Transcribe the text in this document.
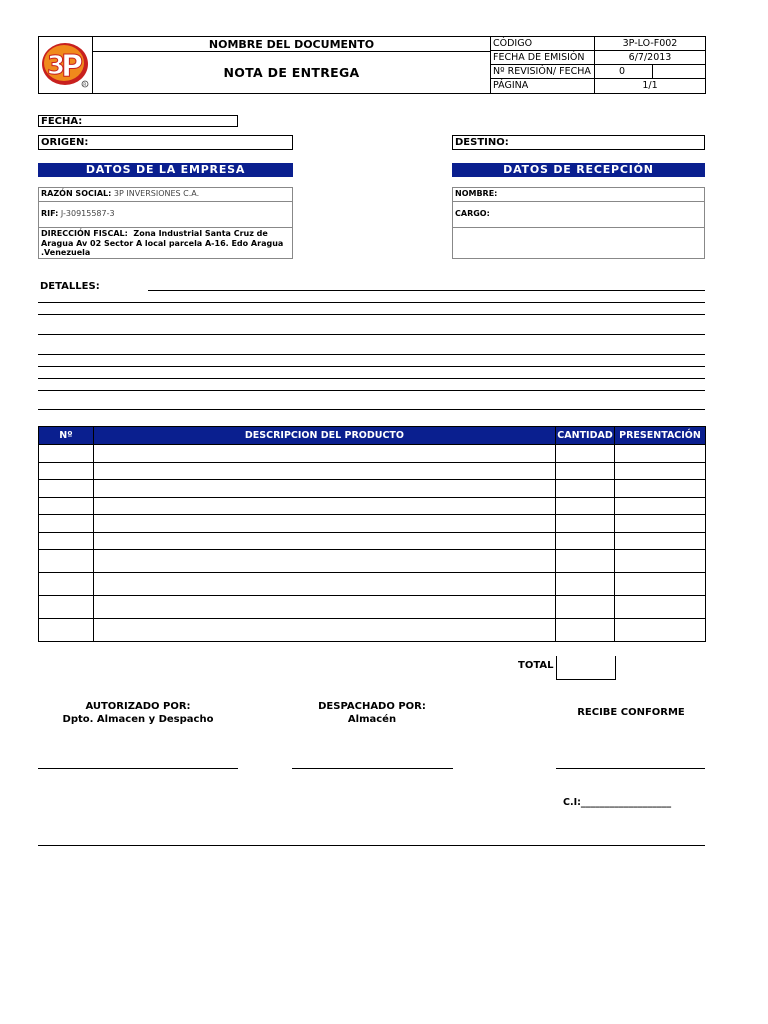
3
P
R
NOMBRE DEL DOCUMENTO
NOTA DE ENTREGA
CÓDIGO	3P-LO-F002
FECHA DE EMISIÓN	6/7/2013
Nº REVISIÓN/ FECHA	0
PÁGINA	1/1
FECHA:
ORIGEN:	DESTINO:
DATOS DE LA EMPRESA	DATOS DE RECEPCIÓN
RAZÓN SOCIAL: 3P INVERSIONES C.A.
RIF: J-30915587-3
DIRECCIÓN FISCAL: Zona Industrial Santa Cruz de Aragua Av 02 Sector A local parcela A-16. Edo Aragua .Venezuela
NOMBRE:
CARGO:
DETALLES:
Nº	DESCRIPCION DEL PRODUCTO	CANTIDAD	PRESENTACIÓN

TOTAL
AUTORIZADO POR:
Dpto. Almacen y Despacho
DESPACHADO POR:
Almacén
RECIBE CONFORME
C.I:___________________
